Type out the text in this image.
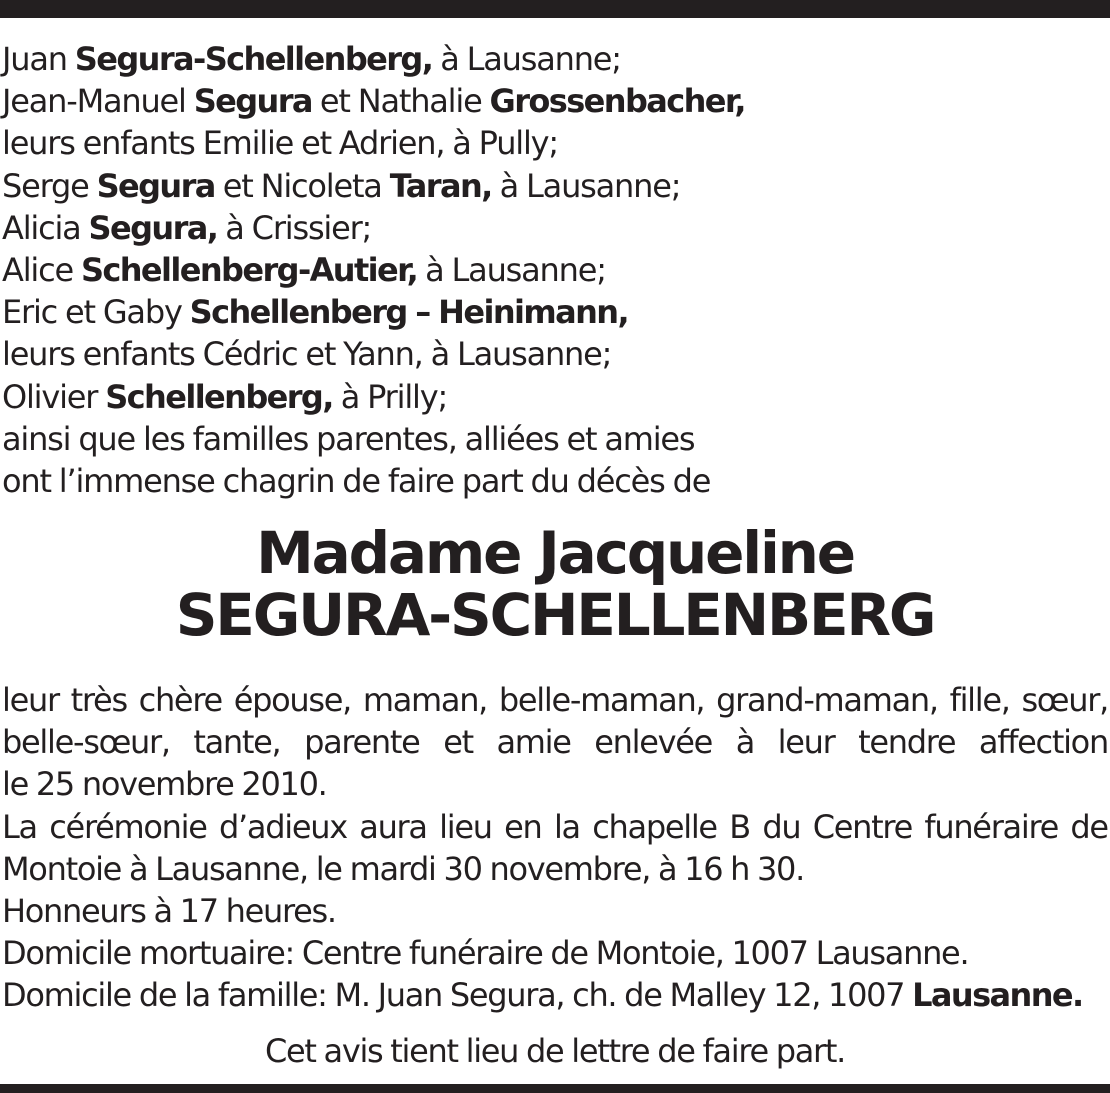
Juan Segura-Schellenberg, à Lausanne;
Jean-Manuel Segura et Nathalie Grossenbacher,
leurs enfants Emilie et Adrien, à Pully;
Serge Segura et Nicoleta Taran, à Lausanne;
Alicia Segura, à Crissier;
Alice Schellenberg-Autier, à Lausanne;
Eric et Gaby Schellenberg – Heinimann,
leurs enfants Cédric et Yann, à Lausanne;
Olivier Schellenberg, à Prilly;
ainsi que les familles parentes, alliées et amies
ont l’immense chagrin de faire part du décès de
Madame Jacqueline
SEGURA-SCHELLENBERG
leur très chère épouse, maman, belle-maman, grand-maman, fille, sœur,
belle-sœur, tante, parente et amie enlevée à leur tendre affection
le 25 novembre 2010.
La cérémonie d’adieux aura lieu en la chapelle B du Centre funéraire de
Montoie à Lausanne, le mardi 30 novembre, à 16 h 30.
Honneurs à 17 heures.
Domicile mortuaire: Centre funéraire de Montoie, 1007 Lausanne.
Domicile de la famille: M. Juan Segura, ch. de Malley 12, 1007 Lausanne.
Cet avis tient lieu de lettre de faire part.
